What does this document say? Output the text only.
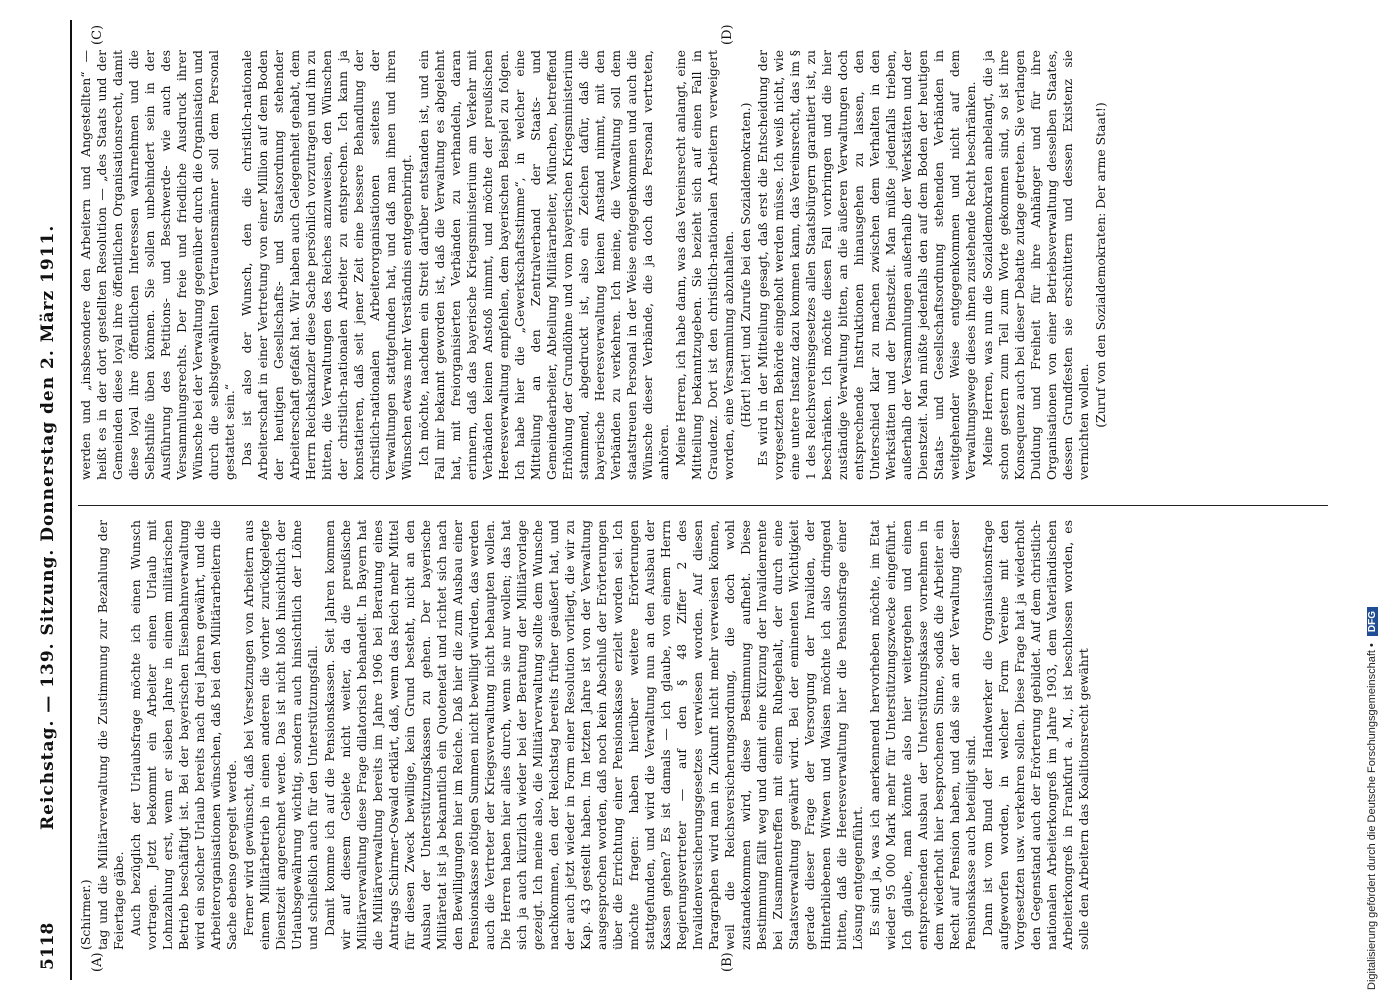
5118
Reichstag. — 139. Sitzung. Donnerstag den 2. März 1911.

(Schirmer.) tag und die Militärverwaltung die Zustimmung zur Bezahlung der Feiertage gäbe. Auch bezüglich der Urlaubsfrage möchte ich einen Wunsch vortragen. Jetzt bekommt ein Arbeiter einen Urlaub mit Lohnzahlung erst, wenn er sieben Jahre in einem militärischen Betrieb beschäftigt ist. Bei der bayerischen Eisenbahnverwaltung wird ein solcher Urlaub bereits nach drei Jahren gewährt, und die Arbeiterorganisationen wünschen, daß bei den Militärarbeitern die Sache ebenso geregelt werde. Ferner wird gewünscht, daß bei Versetzungen von Arbeitern aus einem Militärbetrieb in einen anderen die vorher zurückgelegte Dienstzeit angerechnet werde. Das ist nicht bloß hinsichtlich der Urlaubsgewährung wichtig, sondern auch hinsichtlich der Löhne und schließlich auch für den Unterstützungsfall. Damit komme ich auf die Pensionskassen. Seit Jahren kommen wir auf diesem Gebiete nicht weiter, da die preußische Militärverwaltung diese Frage dilatorisch behandelt. In Bayern hat die Militärverwaltung bereits im Jahre 1906 bei Beratung eines Antrags Schirmer-Oswald erklärt, daß, wenn das Reich mehr Mittel für diesen Zweck bewillige, kein Grund besteht, nicht an den Ausbau der Unterstützungskassen zu gehen. Der bayerische Militäretat ist ja bekanntlich ein Quotenetat und richtet sich nach den Bewilligungen hier im Reiche. Daß hier die zum Ausbau einer Pensionskasse nötigen Summen nicht bewilligt würden, das werden auch die Vertreter der Kriegsverwaltung nicht behaupten wollen. Die Herren haben hier alles durch, wenn sie nur wollen; das hat sich ja auch kürzlich wieder bei der Beratung der Militärvorlage gezeigt. Ich meine also, die Militärverwaltung sollte dem Wunsche nachkommen, den der Reichstag bereits früher geäußert hat, und der auch jetzt wieder in Form einer Resolution vorliegt, die wir zu Kap. 43 gestellt haben. Im letzten Jahre ist von der Verwaltung ausgesprochen worden, daß noch kein Abschluß der Erörterungen über die Errichtung einer Pensionskasse erzielt worden sei. Ich möchte fragen: haben hierüber weitere Erörterungen stattgefunden, und wird die Verwaltung nun an den Ausbau der Kassen gehen? Es ist damals — ich glaube, von einem Herrn Regierungsvertreter — auf den § 48 Ziffer 2 des Invalidenversicherungsgesetzes verwiesen worden. Auf diesen Paragraphen wird man in Zukunft nicht mehr verweisen können, weil die Reichsversicherungsordnung, die doch wohl zustandekommen wird, diese Bestimmung aufhebt. Diese Bestimmung fällt weg und damit eine Kürzung der Invalidenrente bei Zusammentreffen mit einem Ruhegehalt, der durch eine Staatsverwaltung gewährt wird. Bei der eminenten Wichtigkeit gerade dieser Frage der Versorgung der Invaliden, der Hinterbliebenen Witwen und Waisen möchte ich also dringend bitten, daß die Heeresverwaltung hier die Pensionsfrage einer Lösung entgegenführt. Es sind ja, was ich anerkennend hervorheben möchte, im Etat wieder 95 000 Mark mehr für Unterstützungszwecke eingeführt. Ich glaube, man könnte also hier weitergehen und einen entsprechenden Ausbau der Unterstützungskasse vornehmen in dem wiederholt hier besprochenen Sinne, sodaß die Arbeiter ein Recht auf Pension haben, und daß sie an der Verwaltung dieser Pensionskasse auch beteiligt sind. Dann ist vom Bund der Handwerker die Organisationsfrage aufgeworfen worden, in welcher Form Vereine mit den Vorgesetzten usw. verkehren sollen. Diese Frage hat ja wiederholt den Gegenstand auch der Erörterung gebildet. Auf dem christlich-nationalen Arbeiterkongreß im Jahre 1903, dem Vaterländischen Arbeiterkongreß in Frankfurt a. M., ist beschlossen worden, es solle den Arbeitern das Koalitionsrecht gewährt

werden und „insbesondere den Arbeitern und Angestellten“ — heißt es in der dort gestellten Resolution — „des Staats und der Gemeinden diese loyal ihre öffentlichen Organisationsrecht, damit diese loyal ihre öffentlichen Interessen wahrnehmen und die Selbsthilfe üben können. Sie sollen unbehindert sein in der Ausführung des Petitions- und Beschwerde- wie auch des Versammlungsrechts. Der freie und friedliche Ausdruck ihrer Wünsche bei der Verwaltung gegenüber durch die Organisation und durch die selbstgewählten Vertrauensmänner soll dem Personal gestattet sein.“ Das ist also der Wunsch, den die christlich-nationale Arbeiterschaft in einer Vertretung von einer Million auf dem Boden der heutigen Gesellschafts- und Staatsordnung stehender Arbeiterschaft gefaßt hat. Wir haben auch Gelegenheit gehabt, dem Herrn Reichskanzler diese Sache persönlich vorzutragen und ihn zu bitten, die Verwaltungen des Reiches anzuweisen, den Wünschen der christlich-nationalen Arbeiter zu entsprechen. Ich kann ja konstatieren, daß seit jener Zeit eine bessere Behandlung der christlich-nationalen Arbeiterorganisationen seitens der Verwaltungen stattgefunden hat, und daß man ihnen und ihren Wünschen etwas mehr Verständnis entgegenbringt. Ich möchte, nachdem ein Streit darüber entstanden ist, und ein Fall mir bekannt geworden ist, daß die Verwaltung es abgelehnt hat, mit freiorganisierten Verbänden zu verhandeln, daran erinnern, daß das bayerische Kriegsministerium am Verkehr mit Verbänden keinen Anstoß nimmt, und möchte der preußischen Heeresverwaltung empfehlen, dem bayerischen Beispiel zu folgen. Ich habe hier die „Gewerkschaftsstimme“, in welcher eine Mitteilung an den Zentralverband der Staats- und Gemeindearbeiter, Abteilung Militärarbeiter, München, betreffend Erhöhung der Grundlöhne und vom bayerischen Kriegsministerium stammend, abgedruckt ist, also ein Zeichen dafür, daß die bayerische Heeresverwaltung keinen Anstand nimmt, mit den Verbänden zu verkehren. Ich meine, die Verwaltung soll dem staatstreuen Personal in der Weise entgegenkommen und auch die Wünsche dieser Verbände, die ja doch das Personal vertreten, anhören. Meine Herren, ich habe dann, was das Vereinsrecht anlangt, eine Mitteilung bekanntzugeben. Sie bezieht sich auf einen Fall in Graudenz. Dort ist den christlich-nationalen Arbeitern verweigert worden, eine Versammlung abzuhalten. (Hört! hört! und Zurufe bei den Sozialdemokraten.) Es wird in der Mitteilung gesagt, daß erst die Entscheidung der vorgesetzten Behörde eingeholt werden müsse. Ich weiß nicht, wie eine untere Instanz dazu kommen kann, das Vereinsrecht, das im § 1 des Reichsvereinsgesetzes allen Staatsbürgern garantiert ist, zu beschränken. Ich möchte diesen Fall vorbringen und die hier zuständige Verwaltung bitten, an die äußeren Verwaltungen doch entsprechende Instruktionen hinausgehen zu lassen, den Unterschied klar zu machen zwischen dem Verhalten in den Werkstätten und der Dienstzeit. Man müßte jedenfalls trieben, außerhalb der Versammlungen außerhalb der Werkstätten und der Dienstzeit. Man müßte jedenfalls den auf dem Boden der heutigen Staats- und Gesellschaftsordnung stehenden Verbänden in weitgehender Weise entgegenkommen und nicht auf dem Verwaltungswege dieses ihnen zustehende Recht beschränken. Meine Herren, was nun die Sozialdemokraten anbelangt, die ja schon gestern zum Teil zum Worte gekommen sind, so ist ihre Konsequenz auch bei dieser Debatte zutage getreten. Sie verlangen Duldung und Freiheit für ihre Anhänger und für ihre Organisationen von einer Betriebsverwaltung desselben Staates, dessen Grundfesten sie erschüttern und dessen Existenz sie vernichten wollen. (Zuruf von den Sozialdemokraten: Der arme Staat!)

(A)	(B)
(C)	(D)
Digitalisierung gefördert durch die Deutsche Forschungsgemeinschaft • DFG
